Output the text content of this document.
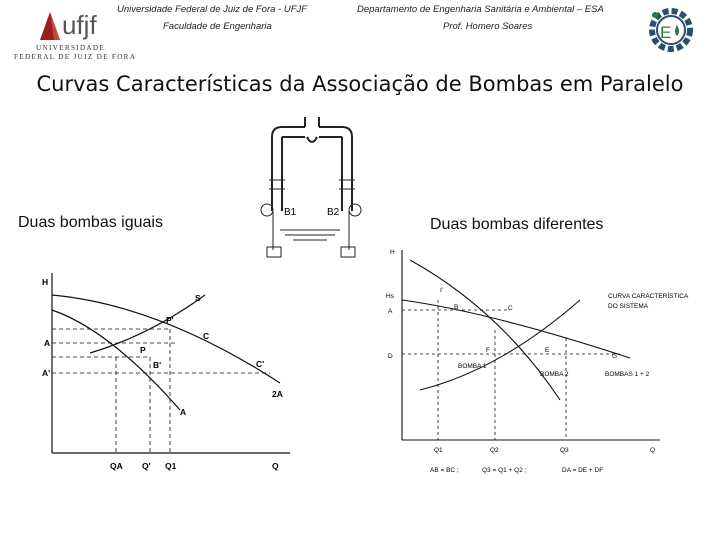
ufjf
UNIVERSIDADE
FEDERAL DE JUIZ DE FORA
Universidade Federal de Juiz de Fora - UFJF
Faculdade de Engenharia
Departamento de Engenharia Sanitária e Ambiental – ESA
Prof. Homero Soares	E
Curvas Características da Associação de Bombas em Paralelo
Duas bombas iguais	Duas bombas diferentes
B1	B2
H
S
P'
C
A
P
C'
A'
B'
2A
A
QA Q' Q1	Q
H
Hs
A
D
I'
B	C
F	E
G
BOMBA 1
BOMBA 2	BOMBAS 1 + 2
CURVA CARACTERÍSTICA
DO SISTEMA
Q1	Q2	Q3	Q
AB = BC ;	Q3 = Q1 + Q2 ;	DA = DE + DF
